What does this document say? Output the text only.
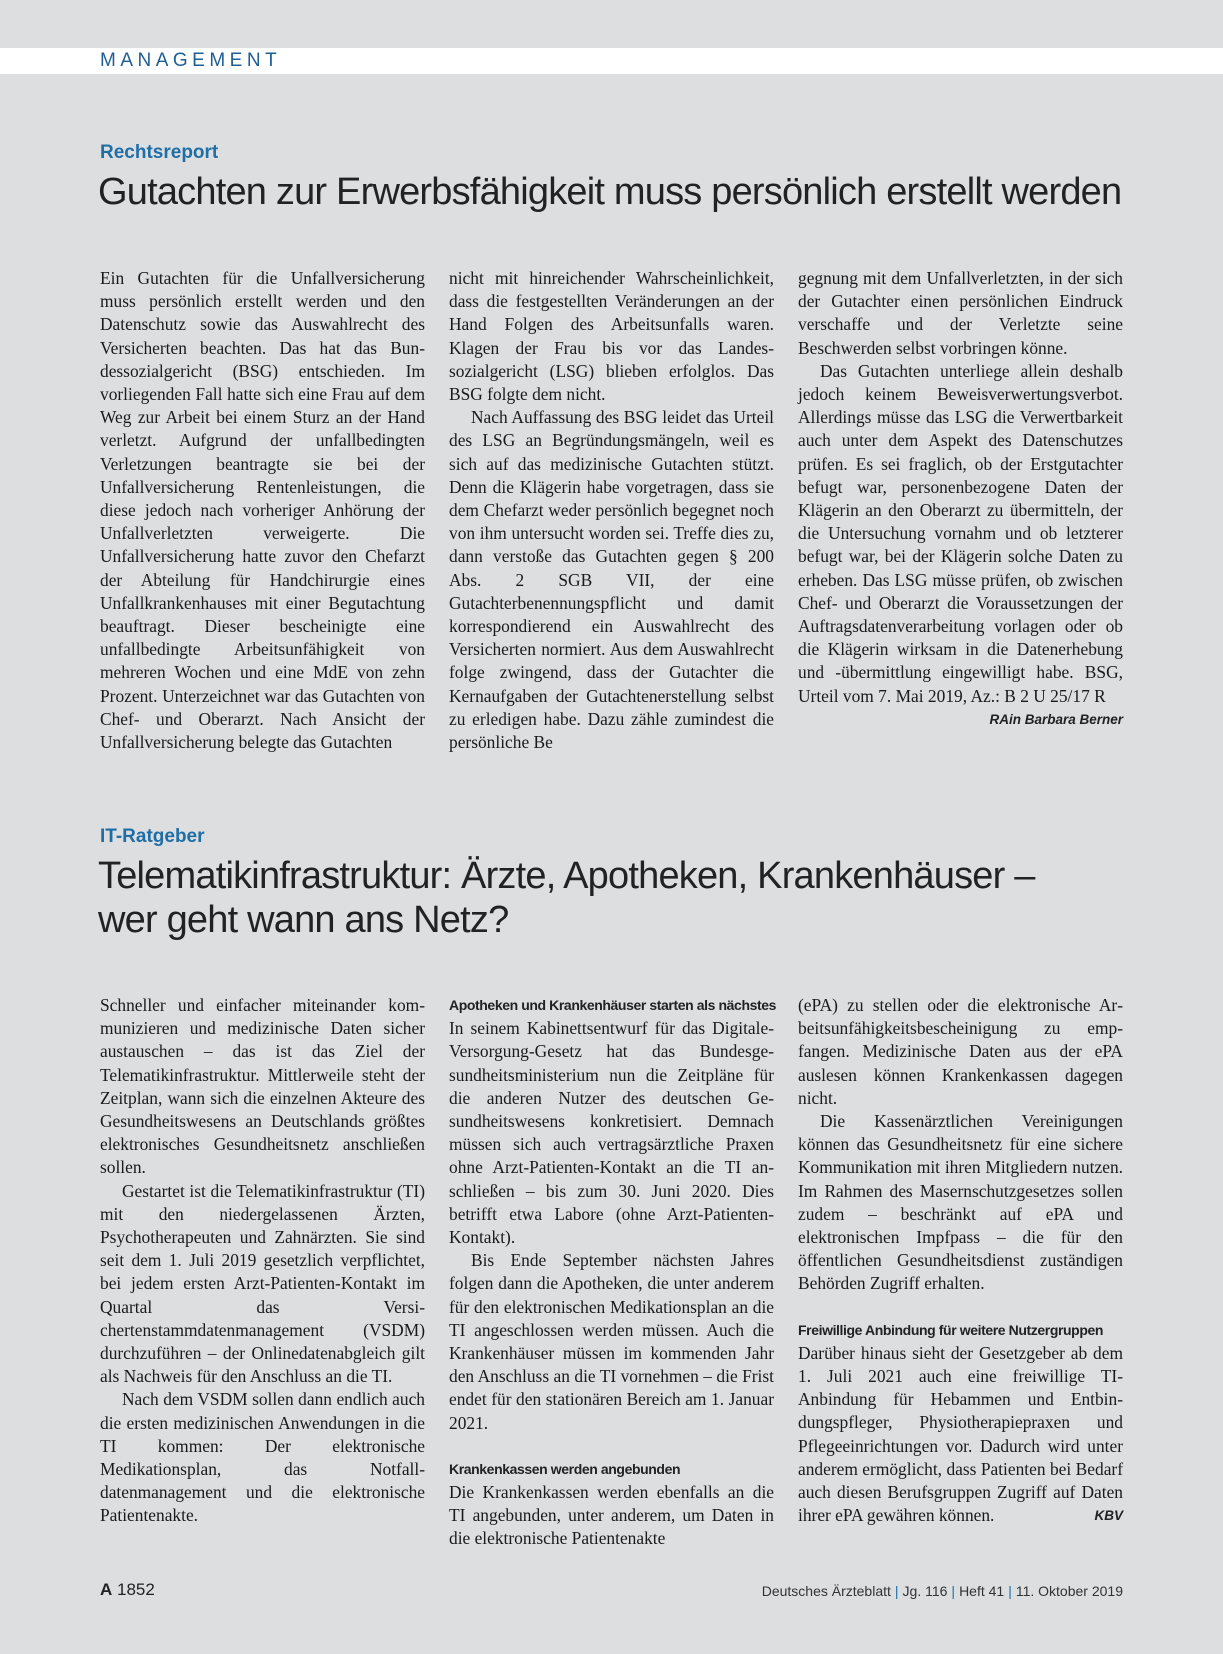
MANAGEMENT
Rechtsreport
Gutachten zur Erwerbsfähigkeit muss persönlich erstellt werden

Ein Gutachten für die Unfallversicherung muss persönlich erstellt werden und den Datenschutz sowie das Auswahlrecht des Versicherten beachten. Das hat das Bundessozialgericht (BSG) entschieden. Im vorliegenden Fall hatte sich eine Frau auf dem Weg zur Arbeit bei einem Sturz an der Hand verletzt. Aufgrund der unfallbedingten Verletzungen beantragte sie bei der Unfallversicherung Rentenleistungen, die diese jedoch nach vorheriger Anhörung der Unfallverletzten verweigerte. Die Unfallversicherung hatte zuvor den Chefarzt der Abteilung für Handchirurgie eines Unfallkrankenhauses mit einer Begutachtung beauftragt. Dieser bescheinigte eine unfallbedingte Arbeitsunfähigkeit von mehreren Wochen und eine MdE von zehn Prozent. Unterzeichnet war das Gutachten von Chef- und Oberarzt. Nach Ansicht der Unfallversicherung belegte das Gutachten

nicht mit hinreichender Wahrscheinlichkeit, dass die festgestellten Veränderungen an der Hand Folgen des Arbeitsunfalls waren. Klagen der Frau bis vor das Landessozialgericht (LSG) blieben erfolglos. Das BSG folgte dem nicht.

Nach Auffassung des BSG leidet das Urteil des LSG an Begründungsmängeln, weil es sich auf das medizinische Gutachten stützt. Denn die Klägerin habe vorgetragen, dass sie dem Chefarzt weder persönlich begegnet noch von ihm untersucht worden sei. Treffe dies zu, dann verstoße das Gutachten gegen § 200 Abs. 2 SGB VII, der eine Gutachterbenennungspflicht und damit korrespondierend ein Auswahlrecht des Versicherten normiert. Aus dem Auswahlrecht folge zwingend, dass der Gutachter die Kernaufgaben der Gutachtenerstellung selbst zu erledigen habe. Dazu zähle zumindest die persönliche Be

gegnung mit dem Unfallverletzten, in der sich der Gutachter einen persönlichen Eindruck verschaffe und der Verletzte seine Beschwerden selbst vorbringen könne.

Das Gutachten unterliege allein deshalb jedoch keinem Beweisverwertungsverbot. Allerdings müsse das LSG die Verwertbarkeit auch unter dem Aspekt des Datenschutzes prüfen. Es sei fraglich, ob der Erstgutachter befugt war, personenbezogene Daten der Klägerin an den Oberarzt zu übermitteln, der die Untersuchung vornahm und ob letzterer befugt war, bei der Klägerin solche Daten zu erheben. Das LSG müsse prüfen, ob zwischen Chef- und Oberarzt die Voraussetzungen der Auftragsdatenverarbeitung vorlagen oder ob die Klägerin wirksam in die Datenerhebung und -übermittlung eingewilligt habe. BSG, Urteil vom 7. Mai 2019, Az.: B 2 U 25/17 R
RAin Barbara Berner

IT-Ratgeber
Telematikinfrastruktur: Ärzte, Apotheken, Krankenhäuser –
wer geht wann ans Netz?

Schneller und einfacher miteinander kommunizieren und medizinische Daten sicher austauschen – das ist das Ziel der Telematikinfrastruktur. Mittlerweile steht der Zeitplan, wann sich die einzelnen Akteure des Gesundheitswesens an Deutschlands größtes elektronisches Gesundheitsnetz anschließen sollen.

Gestartet ist die Telematikinfrastruktur (TI) mit den niedergelassenen Ärzten, Psychotherapeuten und Zahnärzten. Sie sind seit dem 1. Juli 2019 gesetzlich verpflichtet, bei jedem ersten Arzt-Patienten-Kontakt im Quartal das Versichertenstammdatenmanagement (VSDM) durchzuführen – der Onlinedatenabgleich gilt als Nachweis für den Anschluss an die TI.

Nach dem VSDM sollen dann endlich auch die ersten medizinischen Anwendungen in die TI kommen: Der elektronische Medikationsplan, das Notfalldatenmanagement und die elektronische Patientenakte.

Apotheken und Krankenhäuser starten als nächstes

In seinem Kabinettsentwurf für das Digitale-Versorgung-Gesetz hat das Bundesgesundheitsministerium nun die Zeitpläne für die anderen Nutzer des deutschen Gesundheitswesens konkretisiert. Demnach müssen sich auch vertragsärztliche Praxen ohne Arzt-Patienten-Kontakt an die TI anschließen – bis zum 30. Juni 2020. Dies betrifft etwa Labore (ohne Arzt-Patienten-Kontakt).

Bis Ende September nächsten Jahres folgen dann die Apotheken, die unter anderem für den elektronischen Medikationsplan an die TI angeschlossen werden müssen. Auch die Krankenhäuser müssen im kommenden Jahr den Anschluss an die TI vornehmen – die Frist endet für den stationären Bereich am 1. Januar 2021.

Krankenkassen werden angebunden

Die Krankenkassen werden ebenfalls an die TI angebunden, unter anderem, um Daten in die elektronische Patientenakte

(ePA) zu stellen oder die elektronische Arbeitsunfähigkeitsbescheinigung zu empfangen. Medizinische Daten aus der ePA auslesen können Krankenkassen dagegen nicht.

Die Kassenärztlichen Vereinigungen können das Gesundheitsnetz für eine sichere Kommunikation mit ihren Mitgliedern nutzen. Im Rahmen des Masernschutzgesetzes sollen zudem – beschränkt auf ePA und elektronischen Impfpass – die für den öffentlichen Gesundheitsdienst zuständigen Behörden Zugriff erhalten.

Freiwillige Anbindung für weitere Nutzergruppen

Darüber hinaus sieht der Gesetzgeber ab dem 1. Juli 2021 auch eine freiwillige TI-Anbindung für Hebammen und Entbindungspfleger, Physiotherapiepraxen und Pflegeeinrichtungen vor. Dadurch wird unter anderem ermöglicht, dass Patienten bei Bedarf auch diesen Berufsgruppen Zugriff auf Daten ihrer ePA gewähren können.	KBV

A 1852	Deutsches Ärzteblatt | Jg. 116 | Heft 41 | 11. Oktober 2019
